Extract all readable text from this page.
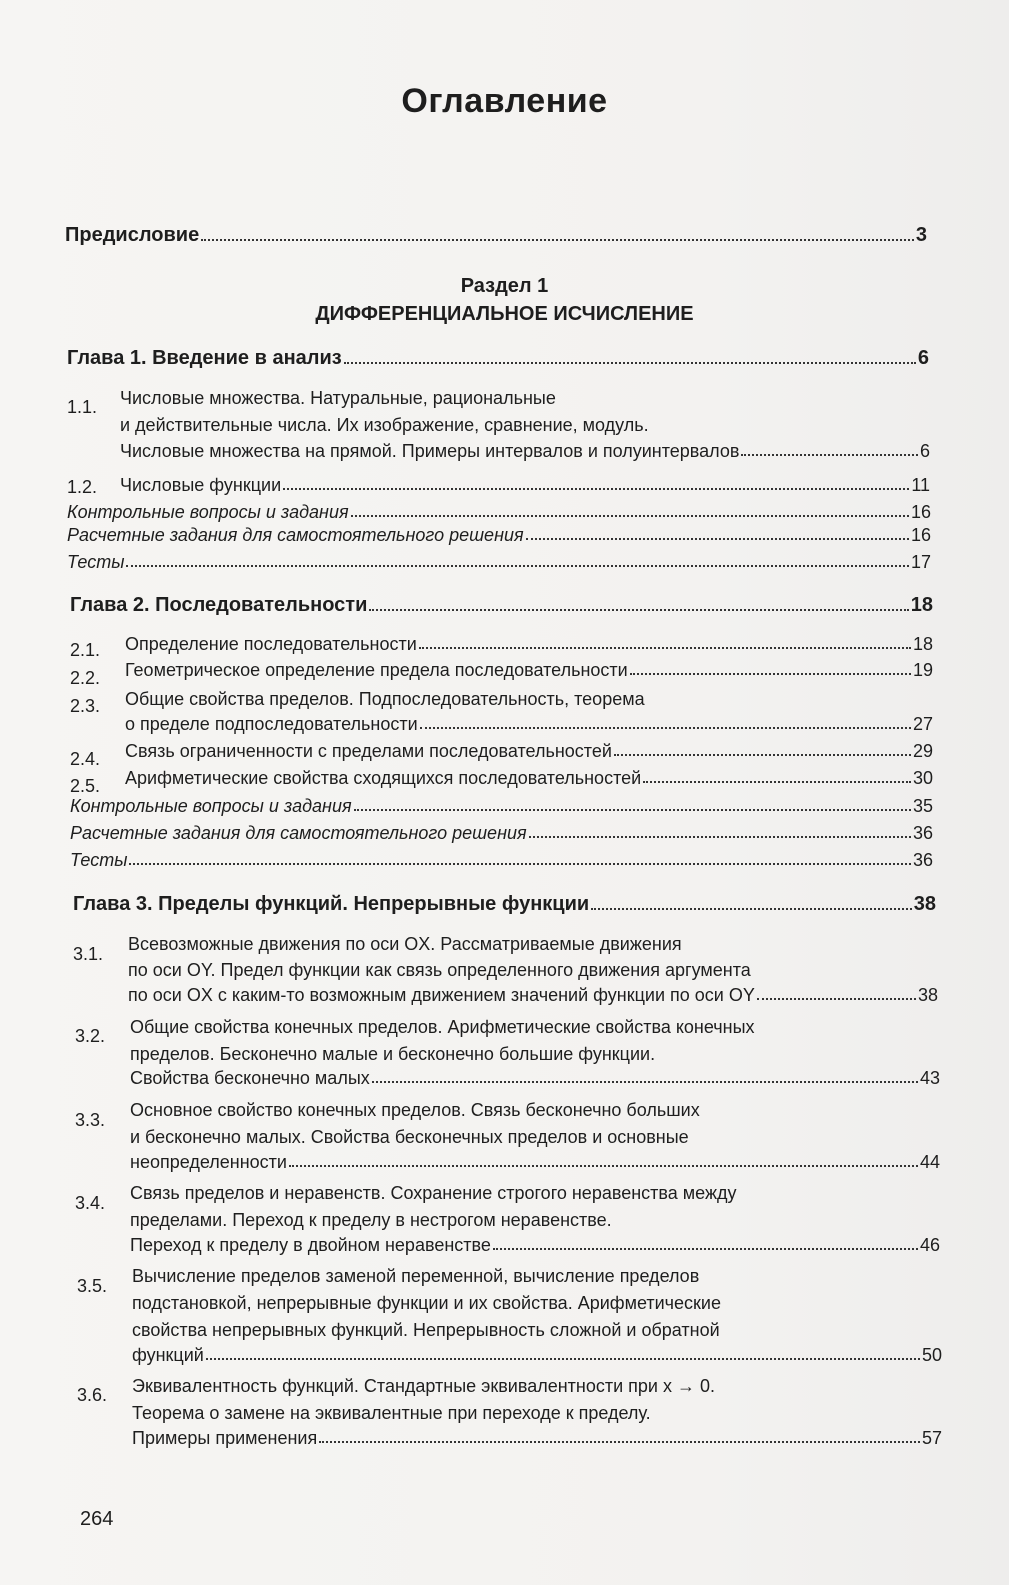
Оглавление
Предисловие	3
Раздел 1
ДИФФЕРЕНЦИАЛЬНОЕ ИСЧИСЛЕНИЕ
Глава 1. Введение в анализ	6
1.1. Числовые множества. Натуральные, рациональные
и действительные числа. Их изображение, сравнение, модуль.
Числовые множества на прямой. Примеры интервалов и полуинтервалов	6
1.2. Числовые функции	11
Контрольные вопросы и задания	16
Расчетные задания для самостоятельного решения	16
Тесты	17
Глава 2. Последовательности	18
2.1. Определение последовательности	18
2.2. Геометрическое определение предела последовательности	19
2.3. Общие свойства пределов. Подпоследовательность, теорема
о пределе подпоследовательности	27
2.4. Связь ограниченности с пределами последовательностей	29
2.5. Арифметические свойства сходящихся последовательностей	30
Контрольные вопросы и задания	35
Расчетные задания для самостоятельного решения	36
Тесты	36
Глава 3. Пределы функций. Непрерывные функции	38
3.1. Всевозможные движения по оси OX. Рассматриваемые движения
по оси OY. Предел функции как связь определенного движения аргумента
по оси OX с каким-то возможным движением значений функции по оси OY	38
3.2. Общие свойства конечных пределов. Арифметические свойства конечных
пределов. Бесконечно малые и бесконечно большие функции.
Свойства бесконечно малых	43
3.3. Основное свойство конечных пределов. Связь бесконечно больших
и бесконечно малых. Свойства бесконечных пределов и основные
неопределенности	44
3.4. Связь пределов и неравенств. Сохранение строгого неравенства между
пределами. Переход к пределу в нестрогом неравенстве.
Переход к пределу в двойном неравенстве	46
3.5. Вычисление пределов заменой переменной, вычисление пределов
подстановкой, непрерывные функции и их свойства. Арифметические
свойства непрерывных функций. Непрерывность сложной и обратной
функций	50
3.6. Эквивалентность функций. Стандартные эквивалентности при x → 0.
Теорема о замене на эквивалентные при переходе к пределу.
Примеры применения	57
264
